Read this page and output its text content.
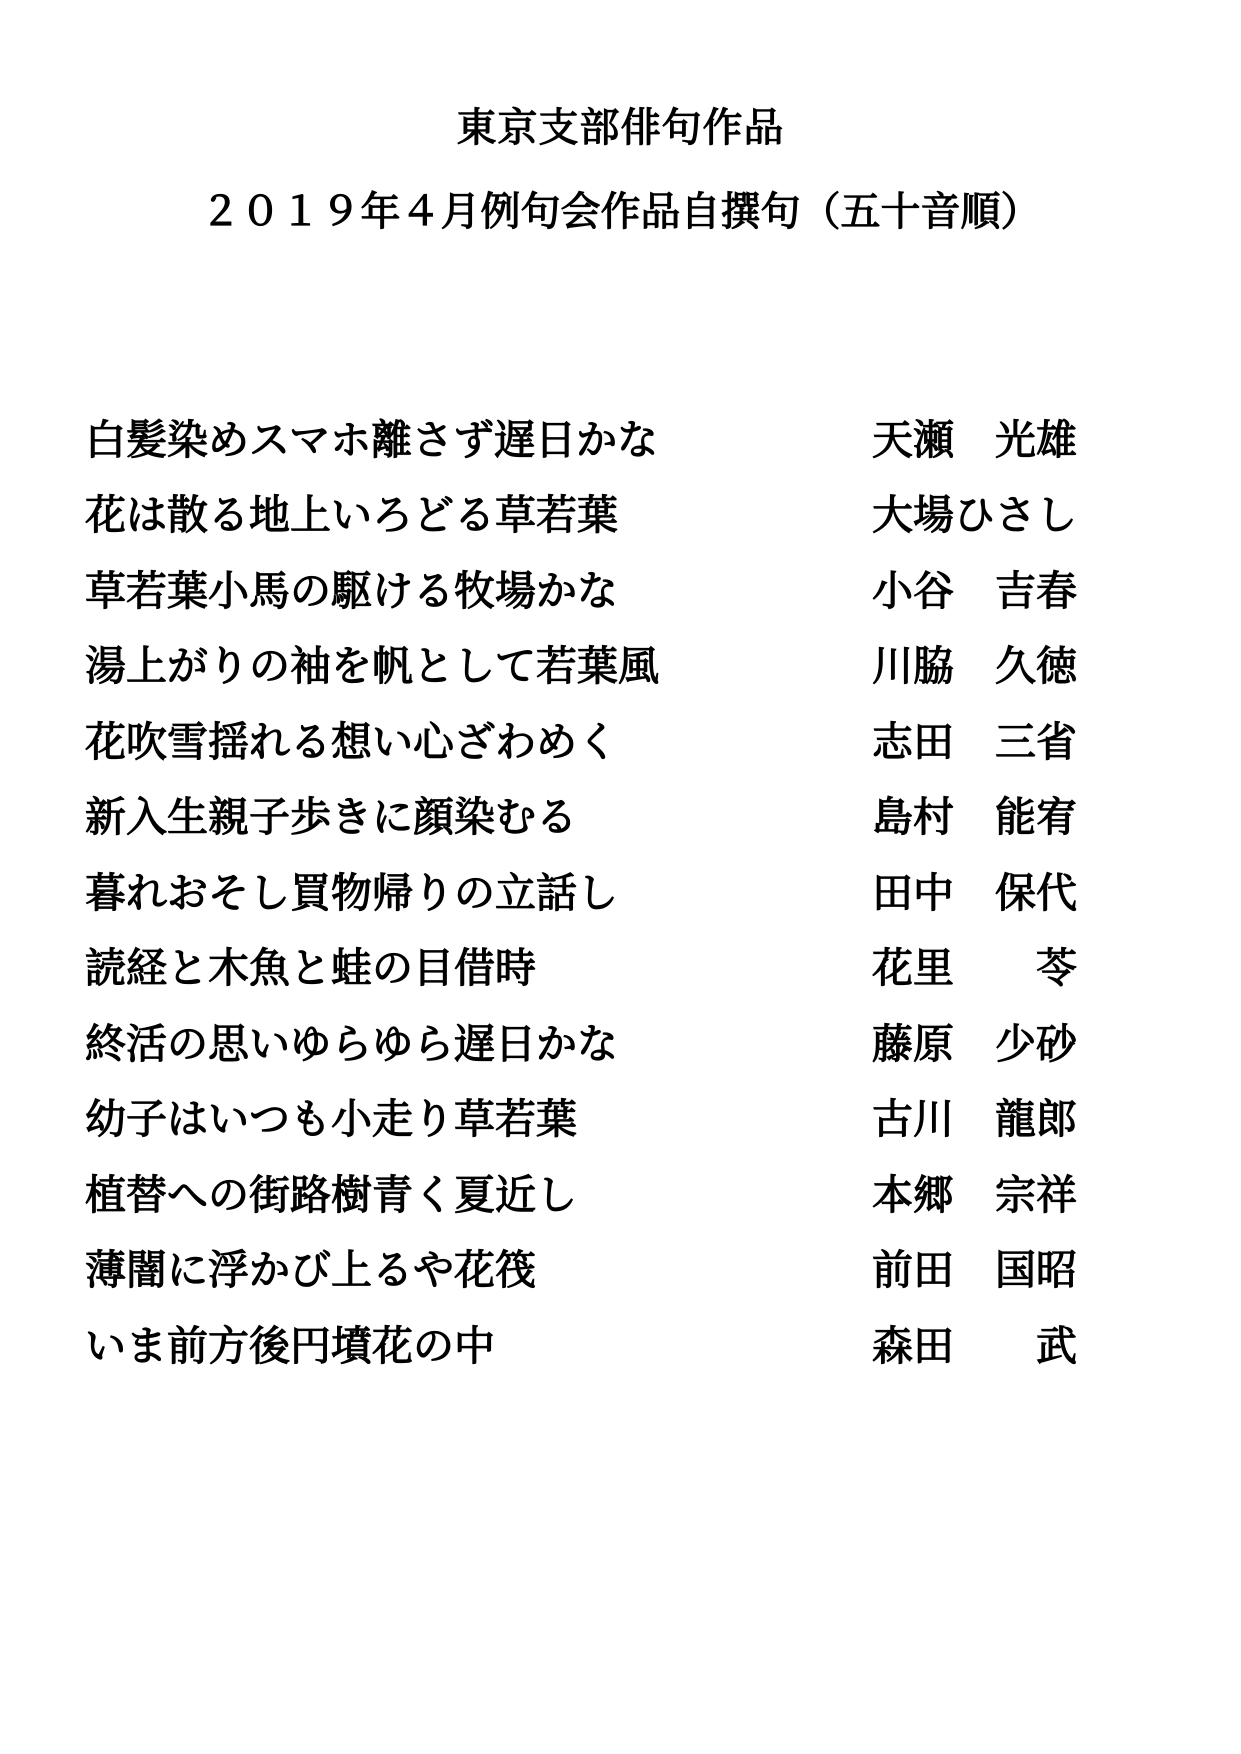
東京支部俳句作品
２０１９年４月例句会作品自撰句（五十音順）
白髪染めスマホ離さず遅日かな	天瀬　光雄
花は散る地上いろどる草若葉	大場ひさし
草若葉小馬の駆ける牧場かな	小谷　吉春
湯上がりの袖を帆として若葉風	川脇　久徳
花吹雪揺れる想い心ざわめく	志田　三省
新入生親子歩きに顔染むる	島村　能宥
暮れおそし買物帰りの立話し	田中　保代
読経と木魚と蛙の目借時	花里　　苓
終活の思いゆらゆら遅日かな	藤原　少砂
幼子はいつも小走り草若葉	古川　龍郎
植替への街路樹青く夏近し	本郷　宗祥
薄闇に浮かび上るや花筏	前田　国昭
いま前方後円墳花の中	森田　　武
